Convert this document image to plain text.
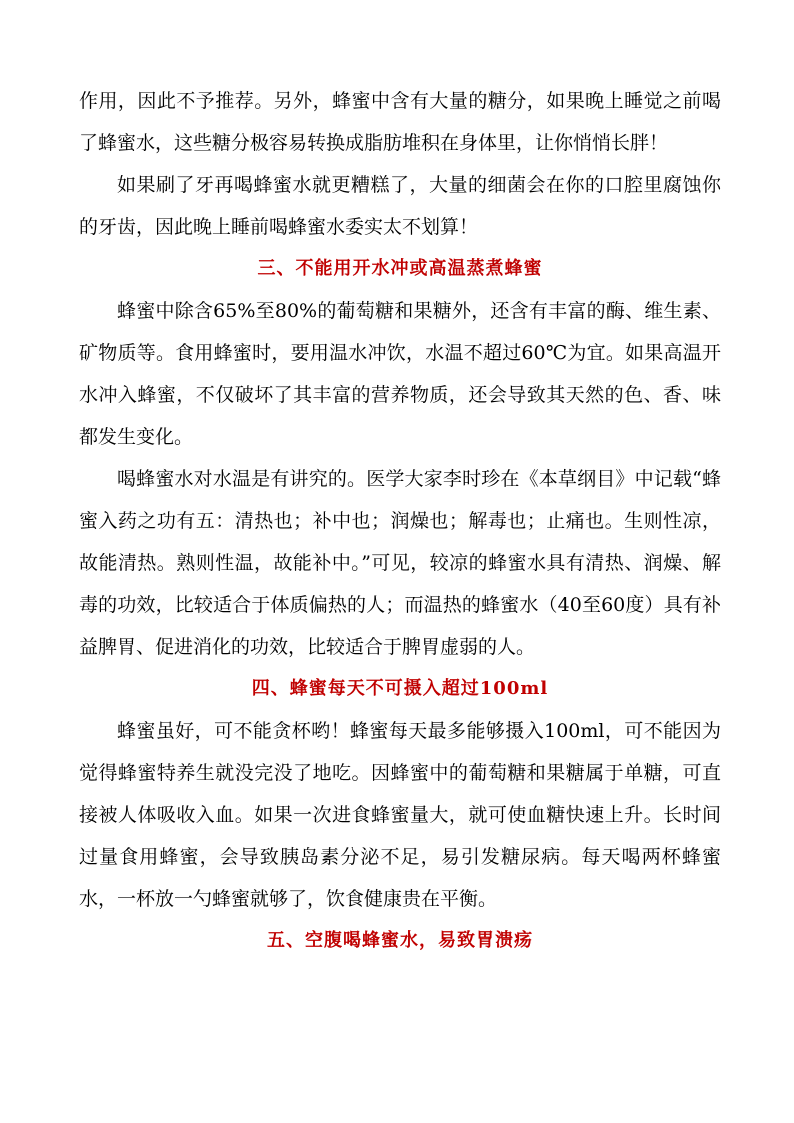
作用，因此不予推荐。另外，蜂蜜中含有大量的糖分，如果晚上睡觉之前喝了蜂蜜水，这些糖分极容易转换成脂肪堆积在身体里，让你悄悄长胖！

如果刷了牙再喝蜂蜜水就更糟糕了，大量的细菌会在你的口腔里腐蚀你的牙齿，因此晚上睡前喝蜂蜜水委实太不划算！

三、不能用开水冲或高温蒸煮蜂蜜

蜂蜜中除含65%至80%的葡萄糖和果糖外，还含有丰富的酶、维生素、矿物质等。食用蜂蜜时，要用温水冲饮，水温不超过60℃为宜。如果高温开水冲入蜂蜜，不仅破坏了其丰富的营养物质，还会导致其天然的色、香、味都发生变化。

喝蜂蜜水对水温是有讲究的。医学大家李时珍在《本草纲目》中记载“蜂蜜入药之功有五：清热也；补中也；润燥也；解毒也；止痛也。生则性凉，故能清热。熟则性温，故能补中。”可见，较凉的蜂蜜水具有清热、润燥、解毒的功效，比较适合于体质偏热的人；而温热的蜂蜜水（40至60度）具有补益脾胃、促进消化的功效，比较适合于脾胃虚弱的人。

四、蜂蜜每天不可摄入超过100ml

蜂蜜虽好，可不能贪杯哟！蜂蜜每天最多能够摄入100ml，可不能因为觉得蜂蜜特养生就没完没了地吃。因蜂蜜中的葡萄糖和果糖属于单糖，可直接被人体吸收入血。如果一次进食蜂蜜量大，就可使血糖快速上升。长时间过量食用蜂蜜，会导致胰岛素分泌不足，易引发糖尿病。每天喝两杯蜂蜜水，一杯放一勺蜂蜜就够了，饮食健康贵在平衡。

五、空腹喝蜂蜜水，易致胃溃疡
